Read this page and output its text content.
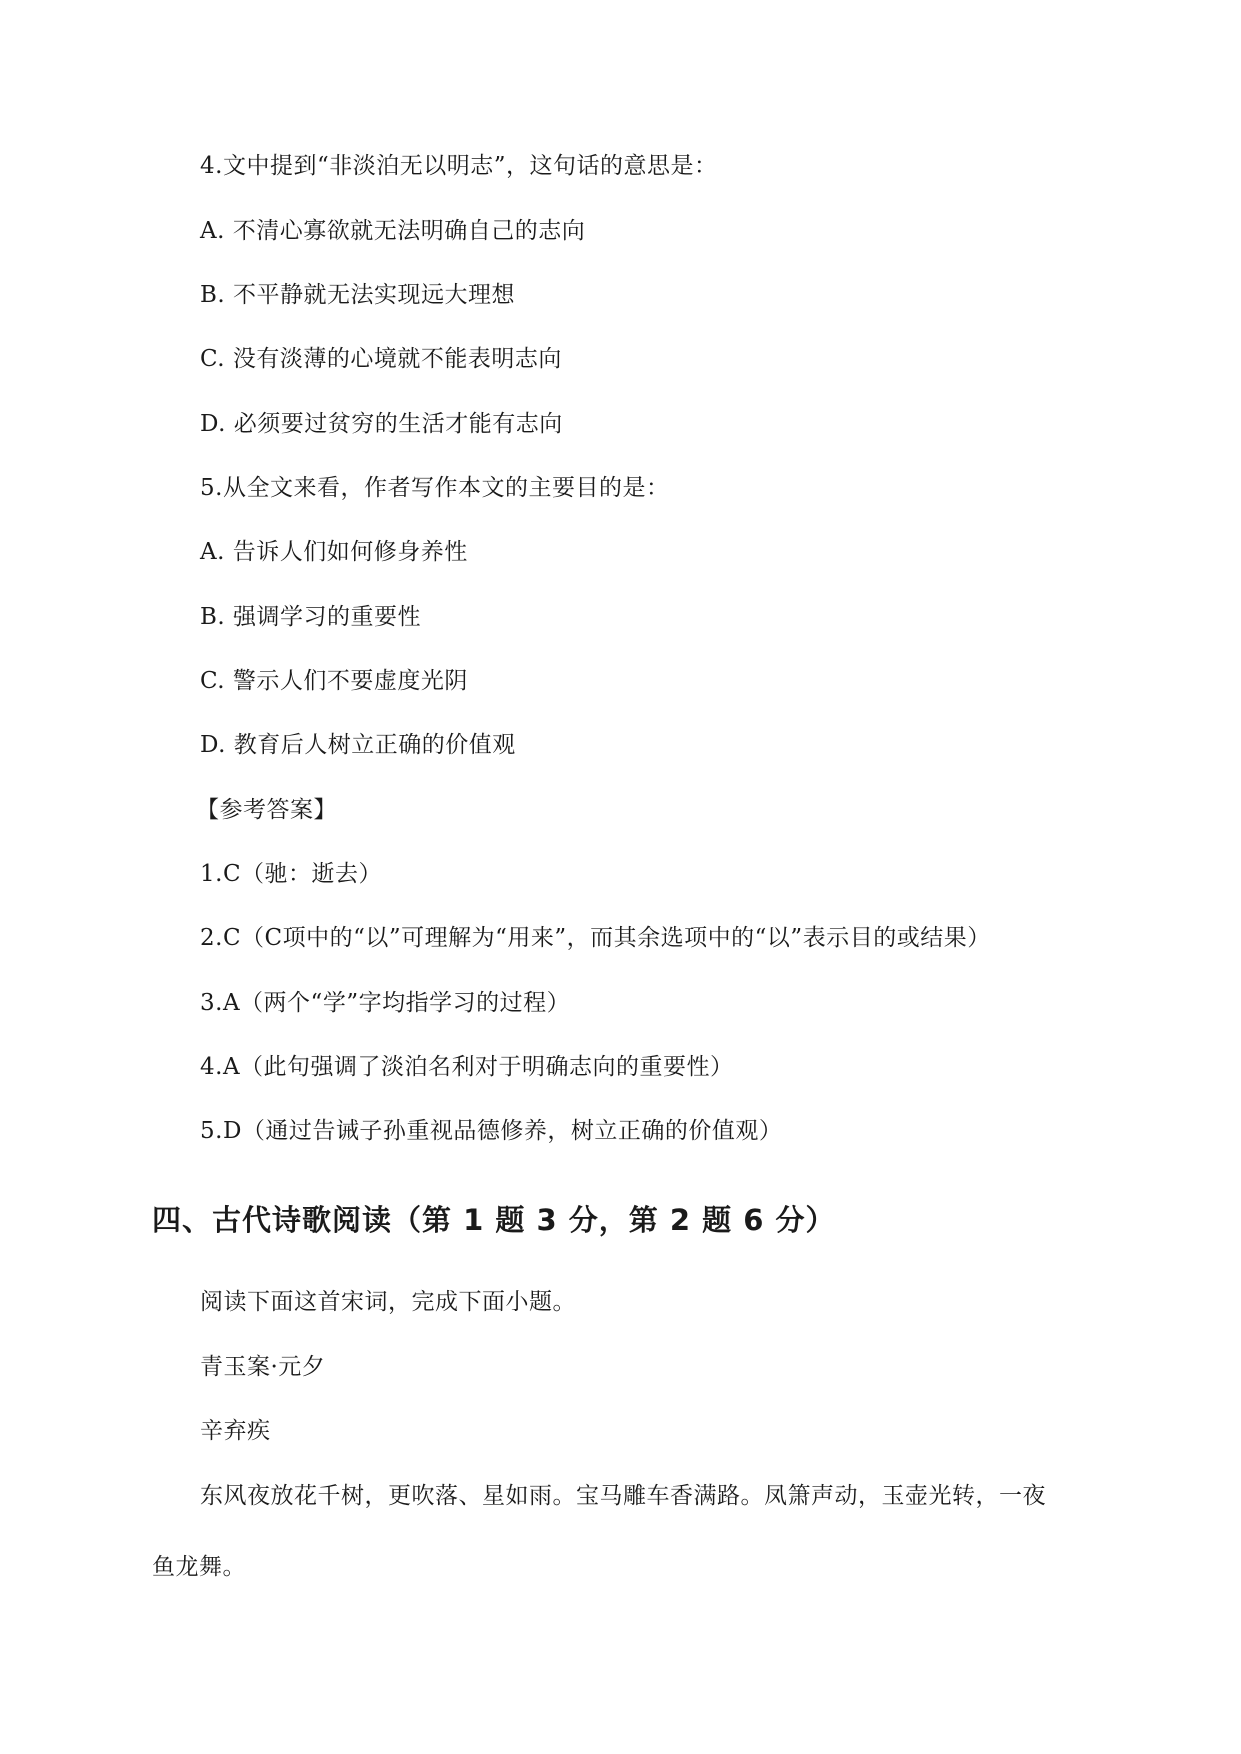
4.文中提到“非淡泊无以明志”，这句话的意思是：
A. 不清心寡欲就无法明确自己的志向
B. 不平静就无法实现远大理想
C. 没有淡薄的心境就不能表明志向
D. 必须要过贫穷的生活才能有志向
5.从全文来看，作者写作本文的主要目的是：
A. 告诉人们如何修身养性
B. 强调学习的重要性
C. 警示人们不要虚度光阴
D. 教育后人树立正确的价值观
【参考答案】
1.C（驰：逝去）
2.C（C项中的“以”可理解为“用来”，而其余选项中的“以”表示目的或结果）
3.A（两个“学”字均指学习的过程）
4.A（此句强调了淡泊名利对于明确志向的重要性）
5.D（通过告诫子孙重视品德修养，树立正确的价值观）
四、古代诗歌阅读（第 1 题 3 分，第 2 题 6 分）
阅读下面这首宋词，完成下面小题。
青玉案·元夕
辛弃疾
东风夜放花千树，更吹落、星如雨。宝马雕车香满路。凤箫声动，玉壶光转，一夜
鱼龙舞。
